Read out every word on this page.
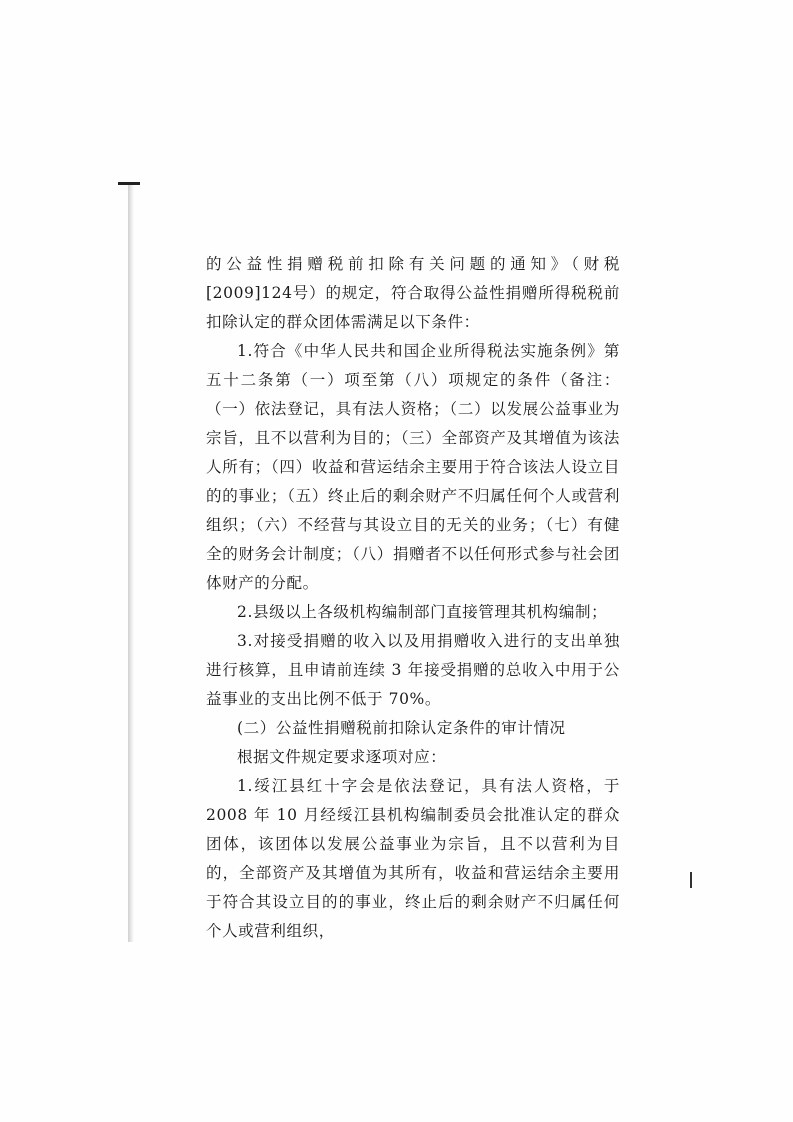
的公益性捐赠税前扣除有关问题的通知》（财税[2009]124号）的规定，符合取得公益性捐赠所得税税前扣除认定的群众团体需满足以下条件：

1.符合《中华人民共和国企业所得税法实施条例》第五十二条第（一）项至第（八）项规定的条件（备注：（一）依法登记，具有法人资格；（二）以发展公益事业为宗旨，且不以营利为目的；（三）全部资产及其增值为该法人所有；（四）收益和营运结余主要用于符合该法人设立目的的事业；（五）终止后的剩余财产不归属任何个人或营利组织；（六）不经营与其设立目的无关的业务；（七）有健全的财务会计制度；（八）捐赠者不以任何形式参与社会团体财产的分配。

2.县级以上各级机构编制部门直接管理其机构编制；

3.对接受捐赠的收入以及用捐赠收入进行的支出单独进行核算，且申请前连续 3 年接受捐赠的总收入中用于公益事业的支出比例不低于 70%。

(二）公益性捐赠税前扣除认定条件的审计情况

根据文件规定要求逐项对应：

1.绥江县红十字会是依法登记，具有法人资格，于 2008 年 10 月经绥江县机构编制委员会批准认定的群众团体，该团体以发展公益事业为宗旨，且不以营利为目的，全部资产及其增值为其所有，收益和营运结余主要用于符合其设立目的的事业，终止后的剩余财产不归属任何个人或营利组织，
